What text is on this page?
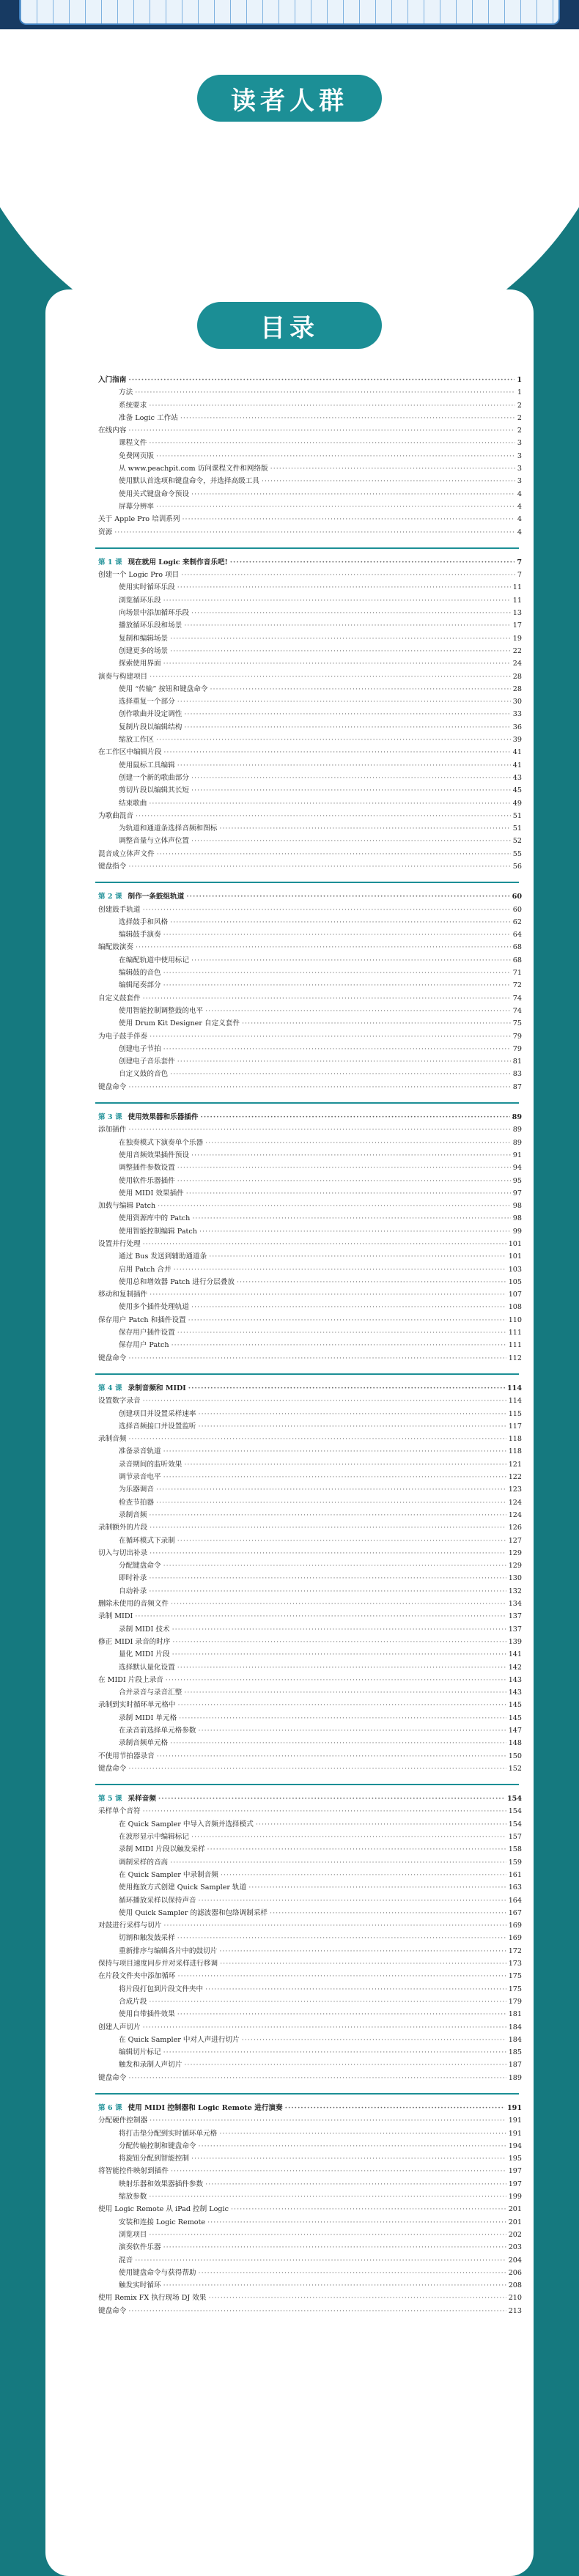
读者人群
音乐制作相关专业的本科生和研究生
从事音乐制作相关工作的专业人员
目录
入门指南 ·····	1
方法 ·····	1
系统要求 ·····	2
准备 Logic 工作站 ·····	2
在线内容 ·····	2
课程文件 ·····	3
免费网页版 ·····	3
从 www.peachpit.com 访问课程文件和网络版 ·····	3
使用默认首选项和键盘命令，并选择高级工具 ·····	3
使用关式键盘命令预设 ·····	4
屏幕分辨率 ·····	4
关于 Apple Pro 培训系列 ·····	4
资源 ·····	4
第 1 课 现在就用 Logic 来制作音乐吧! ·····	7
创建一个 Logic Pro 项目 ·····	7
使用实时循环乐段 ·····	11
浏览循环乐段 ·····	11
向场景中添加循环乐段 ·····	13
播放循环乐段和场景 ·····	17
复制和编辑场景 ·····	19
创建更多的场景 ·····	22
探索使用界面 ·····	24
演奏与构建项目 ·····	28
使用 “传输” 按钮和键盘命令 ·····	28
选择重复一个部分 ·····	30
创作歌曲并设定调性 ·····	33
复制片段以编辑结构 ·····	36
缩放工作区 ·····	39
在工作区中编辑片段 ·····	41
使用鼠标工具编辑 ·····	41
创建一个新的歌曲部分 ·····	43
剪切片段以编辑其长短 ·····	45
结束歌曲 ·····	49
为歌曲混音 ·····	51
为轨道和通道条选择音频和图标 ·····	51
调整音量与立体声位置 ·····	52
混音成立体声文件 ·····	55
键盘指令 ·····	56
第 2 课 制作一条鼓组轨道 ·····	60
创建鼓手轨道 ·····	60
选择鼓手和风格 ·····	62
编辑鼓手演奏 ·····	64
编配鼓演奏 ·····	68
在编配轨道中使用标记 ·····	68
编辑鼓的音色 ·····	71
编辑尾奏部分 ·····	72
自定义鼓套件 ·····	74
使用智能控制调整鼓的电平 ·····	74
使用 Drum Kit Designer 自定义套件 ·····	75
为电子鼓手伴奏 ·····	79
创建电子节拍 ·····	79
创建电子音乐套件 ·····	81
自定义鼓的音色 ·····	83
键盘命令 ·····	87
第 3 课 使用效果器和乐器插件 ·····	89
添加插件 ·····	89
在独奏模式下演奏单个乐器 ·····	89
使用音频效果插件预设 ·····	91
调整插件参数设置 ·····	94
使用软件乐器插件 ·····	95
使用 MIDI 效果插件 ·····	97
加载与编辑 Patch ·····	98
使用资源库中的 Patch ·····	98
使用智能控制编辑 Patch ·····	99
设置并行处理 ·····	101
通过 Bus 发送到辅助通道条 ·····	101
启用 Patch 合并 ·····	103
使用总和增效器 Patch 进行分层叠放 ·····	105
移动和复制插件 ·····	107
使用多个插件处理轨道 ·····	108
保存用户 Patch 和插件设置 ·····	110
保存用户插件设置 ·····	111
保存用户 Patch ·····	111
键盘命令 ·····	112
第 4 课 录制音频和 MIDI ·····	114
设置数字录音 ·····	114
创建项目并设置采样速率 ·····	115
选择音频接口并设置监听 ·····	117
录制音频 ·····	118
准备录音轨道 ·····	118
录音期间的监听效果 ·····	121
调节录音电平 ·····	122
为乐器调音 ·····	123
检查节拍器 ·····	124
录制音频 ·····	124
录制额外的片段 ·····	126
在循环模式下录制 ·····	127
切入与切出补录 ·····	129
分配键盘命令 ·····	129
即时补录 ·····	130
自动补录 ·····	132
删除未使用的音频文件 ·····	134
录制 MIDI ·····	137
录制 MIDI 技术 ·····	137
修正 MIDI 录音的时序 ·····	139
量化 MIDI 片段 ·····	141
选择默认量化设置 ·····	142
在 MIDI 片段上录音 ·····	143
合并录音与录音汇整 ·····	143
录制到实时循环单元格中 ·····	145
录制 MIDI 单元格 ·····	145
在录音前选择单元格参数 ·····	147
录制音频单元格 ·····	148
不使用节拍器录音 ·····	150
键盘命令 ·····	152
第 5 课 采样音频 ·····	154
采样单个音符 ·····	154
在 Quick Sampler 中导入音频并选择模式 ·····	154
在波形显示中编辑标记 ·····	157
录制 MIDI 片段以触发采样 ·····	158
调制采样的音高 ·····	159
在 Quick Sampler 中录制音频 ·····	161
使用拖放方式创建 Quick Sampler 轨道 ·····	163
循环播放采样以保持声音 ·····	164
使用 Quick Sampler 的滤波器和包络调制采样 ·····	167
对鼓进行采样与切片 ·····	169
切割和触发鼓采样 ·····	169
重新排序与编辑各片中的鼓切片 ·····	172
保持与项目速度同步并对采样进行移调 ·····	173
在片段文件夹中添加循环 ·····	175
将片段打包到片段文件夹中 ·····	175
合成片段 ·····	179
使用自带插件效果 ·····	181
创建人声切片 ·····	184
在 Quick Sampler 中对人声进行切片 ·····	184
编辑切片标记 ·····	185
触发和录制人声切片 ·····	187
键盘命令 ·····	189
第 6 课 使用 MIDI 控制器和 Logic Remote 进行演奏 ·····	191
分配硬件控制器 ·····	191
将打击垫分配到实时循环单元格 ·····	191
分配传输控制和键盘命令 ·····	194
将旋钮分配到智能控制 ·····	195
将智能控件映射到插件 ·····	197
映射乐器和效果器插件参数 ·····	197
缩放参数 ·····	199
使用 Logic Remote 从 iPad 控制 Logic ·····	201
安装和连接 Logic Remote ·····	201
浏览项目 ·····	202
演奏软件乐器 ·····	203
混音 ·····	204
使用键盘命令与获得帮助 ·····	206
触发实时循环 ·····	208
使用 Remix FX 执行现场 DJ 效果 ·····	210
键盘命令 ·····	213
